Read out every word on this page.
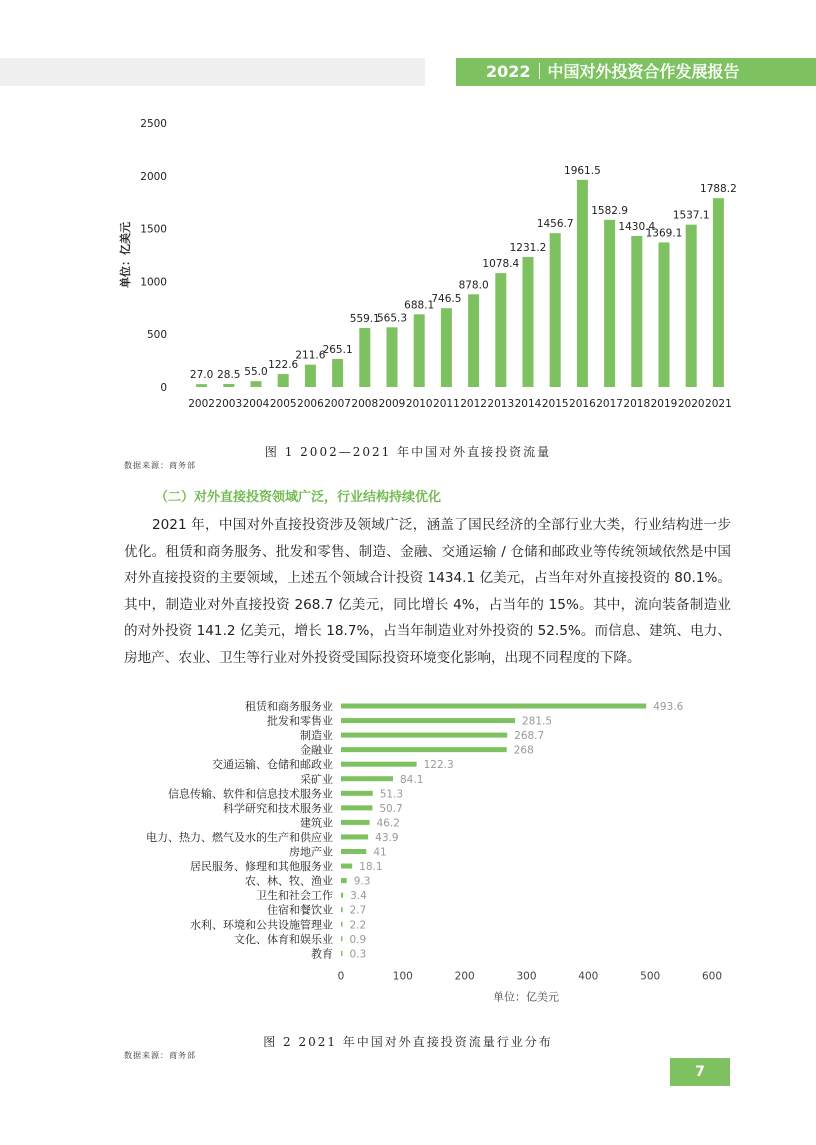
2022 中国对外投资合作发展报告
0
500
1000
1500
2000
2500
单位：亿美元
27.0
2002
28.5
2003
55.0
2004
122.6
2005
211.6
2006
265.1
2007
559.1
2008
565.3
2009
688.1
2010
746.5
2011
878.0
2012
1078.4
2013
1231.2
2014
1456.7
2015
1961.5
2016
1582.9
2017
1430.4
2018
1369.1
2019
1537.1
2020
1788.2
2021
图 1 2002—2021 年中国对外直接投资流量
数据来源：商务部
（二）对外直接投资领域广泛，行业结构持续优化
2021 年，中国对外直接投资涉及领域广泛，涵盖了国民经济的全部行业大类，行业结构进一步优化。租赁和商务服务、批发和零售、制造、金融、交通运输 / 仓储和邮政业等传统领域依然是中国对外直接投资的主要领域，上述五个领域合计投资 1434.1 亿美元，占当年对外直接投资的 80.1%。其中，制造业对外直接投资 268.7 亿美元，同比增长 4%，占当年的 15%。其中，流向装备制造业的对外投资 141.2 亿美元，增长 18.7%，占当年制造业对外投资的 52.5%。而信息、建筑、电力、房地产、农业、卫生等行业对外投资受国际投资环境变化影响，出现不同程度的下降。
租赁和商务服务业	493.6
批发和零售业	281.5
制造业	268.7
金融业	268
交通运输、仓储和邮政业	122.3
采矿业	84.1
信息传输、软件和信息技术服务业	51.3
科学研究和技术服务业	50.7
建筑业	46.2
电力、热力、燃气及水的生产和供应业	43.9
房地产业	41
居民服务、修理和其他服务业 18.1
农、林、牧、渔业 9.3
卫生和社会工作 3.4
住宿和餐饮业 2.7
水利、环境和公共设施管理业 2.2
文化、体育和娱乐业 0.9
教育 0.3
0	100	200	300	400	500	600
单位：亿美元
图 2 2021 年中国对外直接投资流量行业分布
数据来源：商务部
7
